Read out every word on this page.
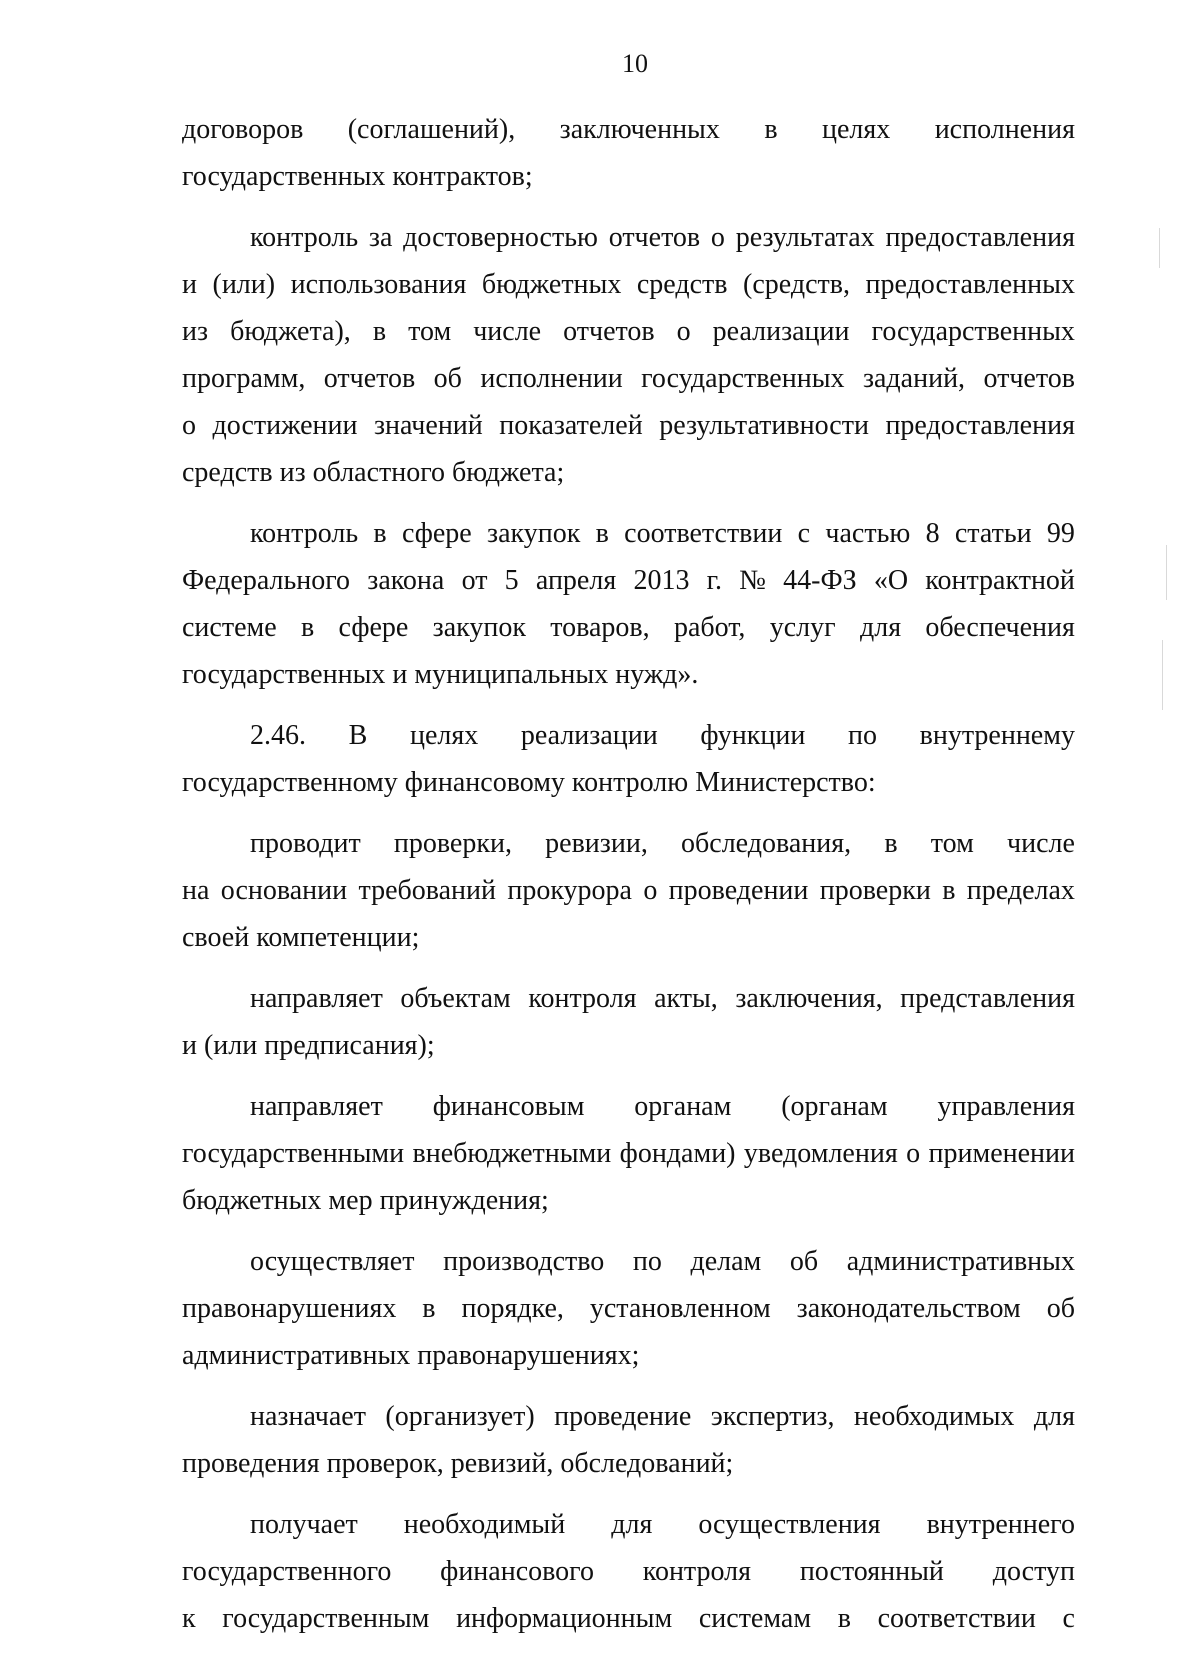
10
договоров (соглашений), заключенных в целях исполнения
государственных контрактов;
контроль за достоверностью отчетов о результатах предоставления
и (или) использования бюджетных средств (средств, предоставленных
из бюджета), в том числе отчетов о реализации государственных
программ, отчетов об исполнении государственных заданий, отчетов
о достижении значений показателей результативности предоставления
средств из областного бюджета;
контроль в сфере закупок в соответствии с частью 8 статьи 99
Федерального закона от 5 апреля 2013 г. № 44-ФЗ «О контрактной
системе в сфере закупок товаров, работ, услуг для обеспечения
государственных и муниципальных нужд».
2.46. В целях реализации функции по внутреннему
государственному финансовому контролю Министерство:
проводит проверки, ревизии, обследования, в том числе
на основании требований прокурора о проведении проверки в пределах
своей компетенции;
направляет объектам контроля акты, заключения, представления
и (или предписания);
направляет финансовым органам (органам управления
государственными внебюджетными фондами) уведомления о применении
бюджетных мер принуждения;
осуществляет производство по делам об административных
правонарушениях в порядке, установленном законодательством об
административных правонарушениях;
назначает (организует) проведение экспертиз, необходимых для
проведения проверок, ревизий, обследований;
получает необходимый для осуществления внутреннего
государственного финансового контроля постоянный доступ
к государственным информационным системам в соответствии с
